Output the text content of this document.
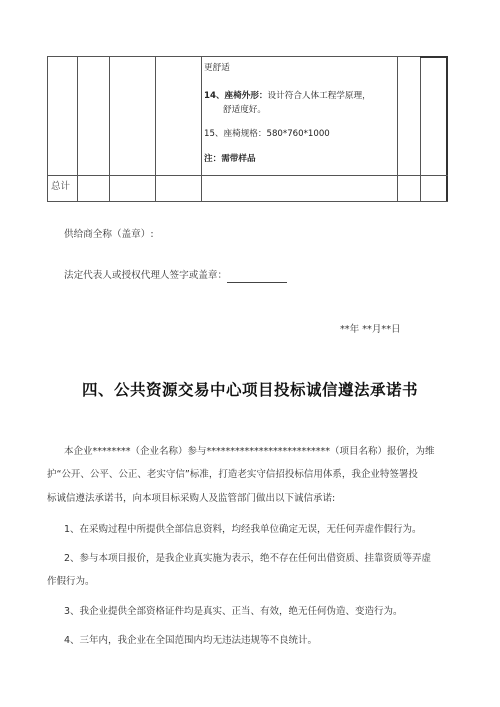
更舒适
14、座椅外形：设计符合人体工程学原理，
舒适度好。
15、座椅规格：580*760*1000
注：需带样品
总计
供给商全称（盖章）:
法定代表人或授权代理人签字或盖章：
**年 **月**日
四、公共资源交易中心项目投标诚信遵法承诺书
本企业********（企业名称）参与**************************（项目名称）报价，为维
护“公开、公平、公正、老实守信”标准，打造老实守信招投标信用体系，我企业特签署投
标诚信遵法承诺书，向本项目标采购人及监管部门做出以下诚信承诺:
1、在采购过程中所提供全部信息资料，均经我单位确定无误，无任何弄虚作假行为。
2、参与本项目报价，是我企业真实施为表示，绝不存在任何出借资质、挂靠资质等弄虚
作假行为。
3、我企业提供全部资格证件均是真实、正当、有效，绝无任何伪造、变造行为。
4、三年内，我企业在全国范围内均无违法违规等不良统计。
